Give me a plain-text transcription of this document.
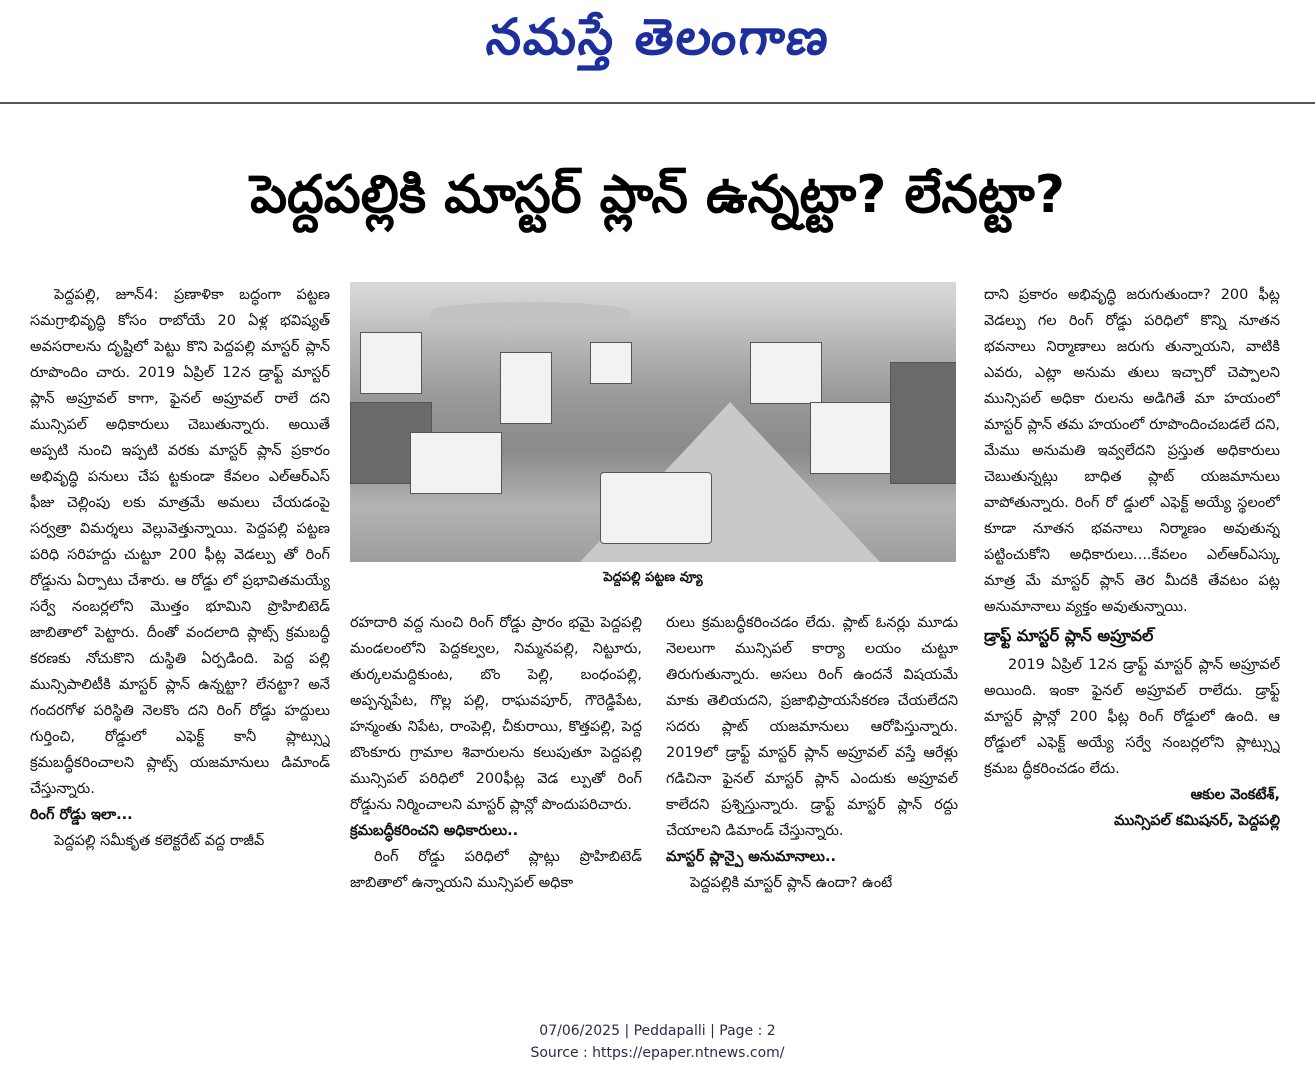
నమస్తే తెలంగాణ
పెద్దపల్లికి మాస్టర్ ప్లాన్ ఉన్నట్టా? లేనట్టా?

పెద్దపల్లి, జూన్4: ప్రణాళికా బద్ధంగా పట్టణ సమగ్రాభివృద్ధి కోసం రాబోయే 20 ఏళ్ల భవిష్యత్ అవసరాలను దృష్టిలో పెట్టు కొని పెద్దపల్లి మాస్టర్ ప్లాన్ రూపొందిం చారు. 2019 ఏప్రిల్ 12న డ్రాఫ్ట్ మాస్టర్ ప్లాన్ అప్రూవల్ కాగా, ఫైనల్ అప్రూవల్ రాలే దని మున్సిపల్ అధికారులు చెబుతున్నారు. అయితే అప్పటి నుంచి ఇప్పటి వరకు మాస్టర్ ప్లాన్ ప్రకారం అభివృద్ధి పనులు చేప ట్టకుండా కేవలం ఎల్ఆర్ఎస్ ఫీజు చెల్లింపు లకు మాత్రమే అమలు చేయడంపై సర్వత్రా విమర్శలు వెల్లువెత్తున్నాయి. పెద్దపల్లి పట్టణ పరిధి సరిహద్దు చుట్టూ 200 ఫీట్ల వెడల్పు తో రింగ్ రోడ్డును ఏర్పాటు చేశారు. ఆ రోడ్డు లో ప్రభావితమయ్యే సర్వే నంబర్లలోని మొత్తం భూమిని ప్రొహిబిటెడ్ జాబితాలో పెట్టారు. దీంతో వందలాది ప్లాట్స్ క్రమబద్ధీ కరణకు నోచుకొని దుస్థితి ఏర్పడింది. పెద్ద పల్లి మున్సిపాలిటీకి మాస్టర్ ప్లాన్ ఉన్నట్టా? లేనట్టా? అనే గందరగోళ పరిస్థితి నెలకొం దని రింగ్ రోడ్డు హద్దులు గుర్తించి, రోడ్డులో ఎఫెక్ట్ కానీ ప్లాట్స్ను క్రమబద్ధీకరించాలని ప్లాట్స్ యజమానులు డిమాండ్ చేస్తున్నారు.

రింగ్ రోడ్డు ఇలా...

పెద్దపల్లి సమీకృత కలెక్టరేట్ వద్ద రాజీవ్

పెద్దపల్లి పట్టణ వ్యూ

రహదారి వద్ద నుంచి రింగ్ రోడ్డు ప్రారం భమై పెద్దపల్లి మండలంలోని పెద్దకల్వల, నిమ్మనపల్లి, నిట్టూరు, తుర్కలమద్దికుంట, బొం పెల్లి, బంధంపల్లి, అప్పన్నపేట, గొల్ల పల్లి, రాఘవపూర్, గౌరెడ్డిపేట, హన్మంతు నిపేట, రాంపెల్లి, చీకురాయి, కొత్తపల్లి, పెద్ద బొంకూరు గ్రామాల శివారులను కలుపుతూ పెద్దపల్లి మున్సిపల్ పరిధిలో 200ఫీట్ల వెడ ల్పుతో రింగ్ రోడ్డును నిర్మించాలని మాస్టర్ ప్లాన్లో పొందుపరిచారు.

క్రమబద్ధీకరించని అధికారులు..

రింగ్ రోడ్డు పరిధిలో ప్లాట్లు ప్రొహిబిటెడ్ జాబితాలో ఉన్నాయని మున్సిపల్ అధికా

రులు క్రమబద్ధీకరించడం లేదు. ప్లాట్ ఓనర్లు మూడు నెలలుగా మున్సిపల్ కార్యా లయం చుట్టూ తిరుగుతున్నారు. అసలు రింగ్ ఉందనే విషయమే మాకు తెలియదని, ప్రజాభిప్రాయసేకరణ చేయలేదని సదరు ప్లాట్ యజమానులు ఆరోపిస్తున్నారు. 2019లో డ్రాఫ్ట్ మాస్టర్ ప్లాన్ అప్రూవల్ వస్తే ఆరేళ్లు గడిచినా ఫైనల్ మాస్టర్ ప్లాన్ ఎందుకు అప్రూవల్ కాలేదని ప్రశ్నిస్తున్నారు. డ్రాఫ్ట్ మాస్టర్ ప్లాన్ రద్దు చేయాలని డిమాండ్ చేస్తున్నారు.

మాస్టర్ ప్లాన్పై అనుమానాలు..

పెద్దపల్లికి మాస్టర్ ప్లాన్ ఉందా? ఉంటే

దాని ప్రకారం అభివృద్ధి జరుగుతుందా? 200 ఫీట్ల వెడల్పు గల రింగ్ రోడ్డు పరిధిలో కొన్ని నూతన భవనాలు నిర్మాణాలు జరుగు తున్నాయని, వాటికి ఎవరు, ఎట్లా అనుమ తులు ఇచ్చారో చెప్పాలని మున్సిపల్ అధికా రులను అడిగితే మా హయంలో మాస్టర్ ప్లాన్ తమ హయంలో రూపొందించబడలే దని, మేము అనుమతి ఇవ్వలేదని ప్రస్తుత అధికారులు చెబుతున్నట్లు బాధిత ప్లాట్ యజమానులు వాపోతున్నారు. రింగ్ రో డ్డులో ఎఫెక్ట్ అయ్యే స్థలంలో కూడా నూతన భవనాలు నిర్మాణం అవుతున్న పట్టించుకోని అధికారులు....కేవలం ఎల్ఆర్ఎస్కు మాత్ర మే మాస్టర్ ప్లాన్ తెర మీదకి తేవటం పట్ల అనుమానాలు వ్యక్తం అవుతున్నాయి.

డ్రాఫ్ట్ మాస్టర్ ప్లాన్ అప్రూవల్

2019 ఏప్రిల్ 12న డ్రాఫ్ట్ మాస్టర్ ప్లాన్ అప్రూవల్ అయింది. ఇంకా ఫైనల్ అప్రూవల్ రాలేదు. డ్రాఫ్ట్ మాస్టర్ ప్లాన్లో 200 ఫీట్ల రింగ్ రోడ్డులో ఉంది. ఆ రోడ్డులో ఎఫెక్ట్ అయ్యే సర్వే నంబర్లలోని ప్లాట్స్ను క్రమబ ద్ధీకరించడం లేదు.

ఆకుల వెంకటేశ్,

మున్సిపల్ కమిషనర్, పెద్దపల్లి

07/06/2025 | Peddapalli | Page : 2
Source : https://epaper.ntnews.com/
